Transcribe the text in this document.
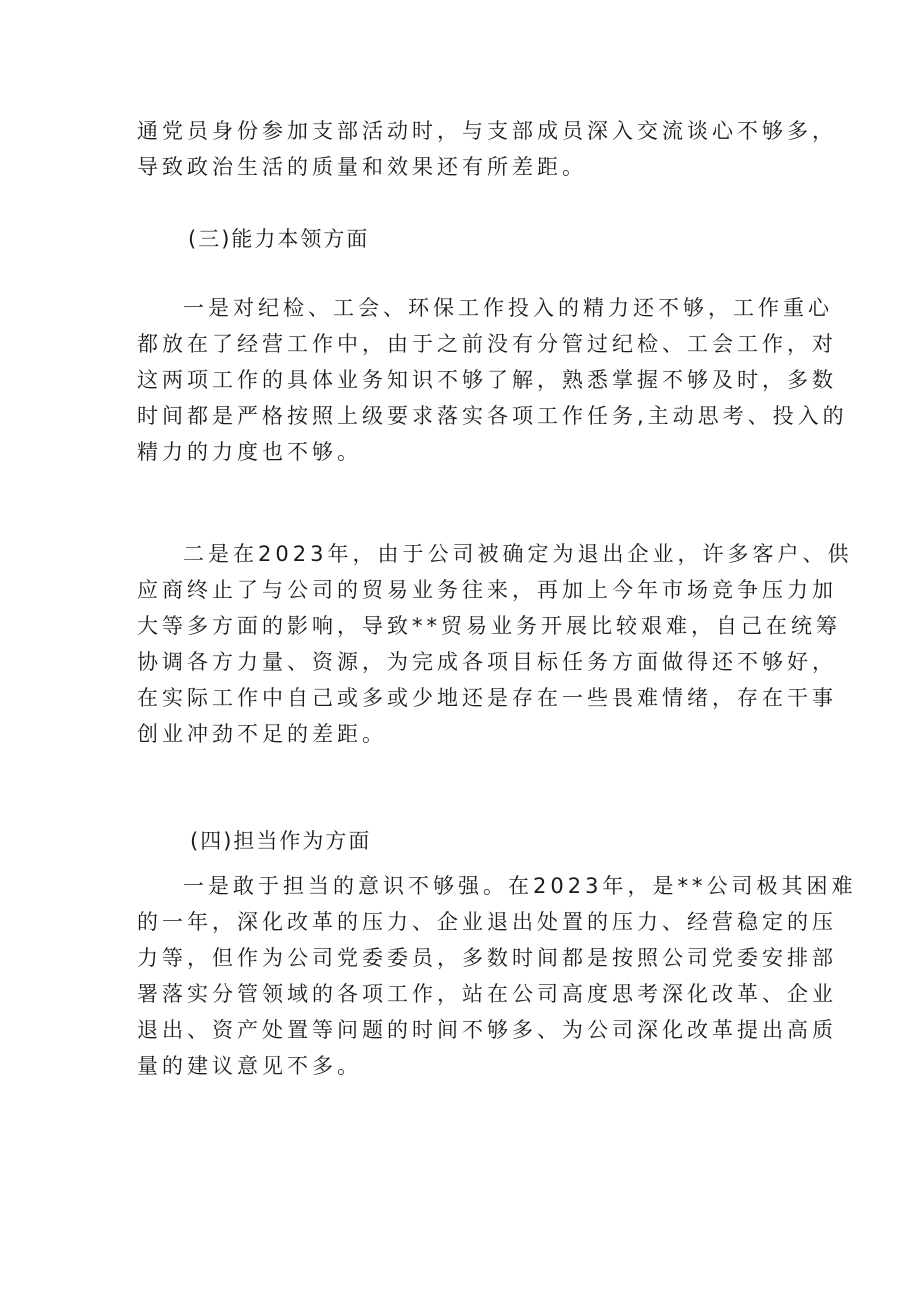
通党员身份参加支部活动时，与支部成员深入交流谈心不够多，
导致政治生活的质量和效果还有所差距。

(三)能力本领方面

一是对纪检、工会、环保工作投入的精力还不够，工作重心
都放在了经营工作中，由于之前没有分管过纪检、工会工作，对
这两项工作的具体业务知识不够了解，熟悉掌握不够及时，多数
时间都是严格按照上级要求落实各项工作任务,主动思考、投入的
精力的力度也不够。
二是在2023年，由于公司被确定为退出企业，许多客户、供
应商终止了与公司的贸易业务往来，再加上今年市场竞争压力加
大等多方面的影响，导致**贸易业务开展比较艰难，自己在统筹
协调各方力量、资源，为完成各项目标任务方面做得还不够好，
在实际工作中自己或多或少地还是存在一些畏难情绪，存在干事
创业冲劲不足的差距。

(四)担当作为方面

一是敢于担当的意识不够强。在2023年，是**公司极其困难
的一年，深化改革的压力、企业退出处置的压力、经营稳定的压
力等，但作为公司党委委员，多数时间都是按照公司党委安排部
署落实分管领域的各项工作，站在公司高度思考深化改革、企业
退出、资产处置等问题的时间不够多、为公司深化改革提出高质
量的建议意见不多。
